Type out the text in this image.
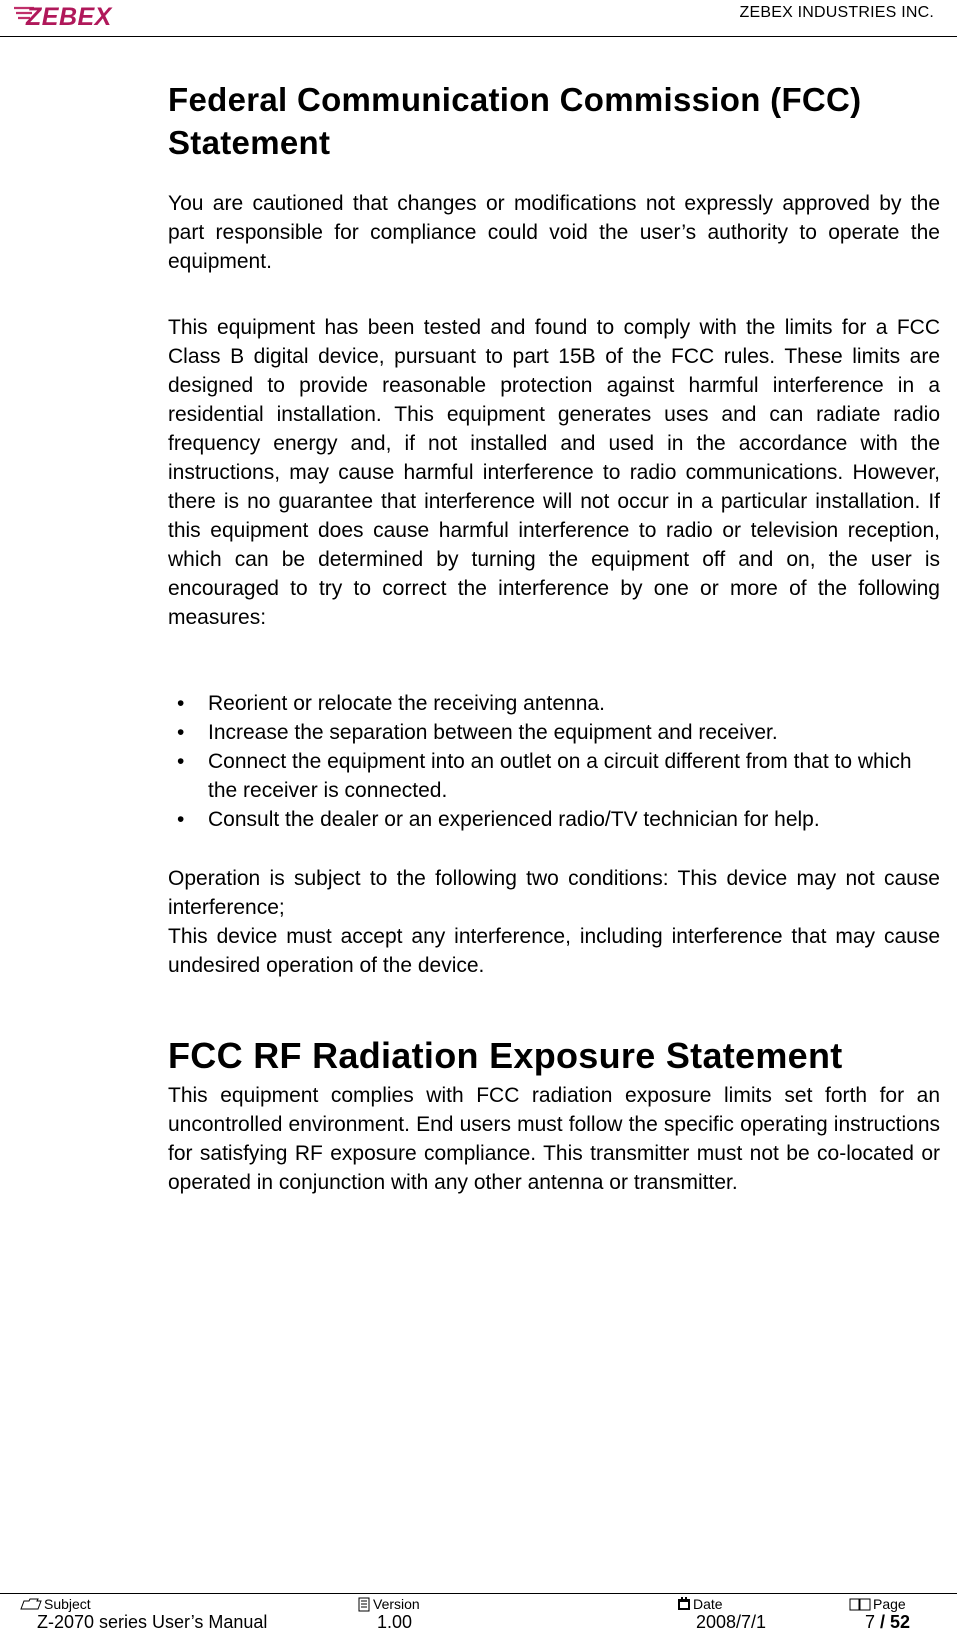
ZEBEX	ZEBEX INDUSTRIES INC.
Federal Communication Commission (FCC)
Statement

You are cautioned that changes or modifications not expressly approved by the part responsible for compliance could void the user’s authority to operate the equipment.

This equipment has been tested and found to comply with the limits for a FCC Class B digital device, pursuant to part 15B of the FCC rules. These limits are designed to provide reasonable protection against harmful interference in a residential installation. This equipment generates uses and can radiate radio frequency energy and, if not installed and used in the accordance with the instructions, may cause harmful interference to radio communications. However, there is no guarantee that interference will not occur in a particular installation. If this equipment does cause harmful interference to radio or television reception, which can be determined by turning the equipment off and on, the user is encouraged to try to correct the interference by one or more of the following measures:

• Reorient or relocate the receiving antenna.
• Increase the separation between the equipment and receiver.
• Connect the equipment into an outlet on a circuit different from that to which the receiver is connected.
• Consult the dealer or an experienced radio/TV technician for help.

Operation is subject to the following two conditions: This device may not cause interference;

This device must accept any interference, including interference that may cause undesired operation of the device.

FCC RF Radiation Exposure Statement

This equipment complies with FCC radiation exposure limits set forth for an uncontrolled environment. End users must follow the specific operating instructions for satisfying RF exposure compliance. This transmitter must not be co-located or operated in conjunction with any other antenna or transmitter.

Subject
Z-2070 series User’s Manual
Version
1.00
Date
2008/7/1
Page
7 / 52
